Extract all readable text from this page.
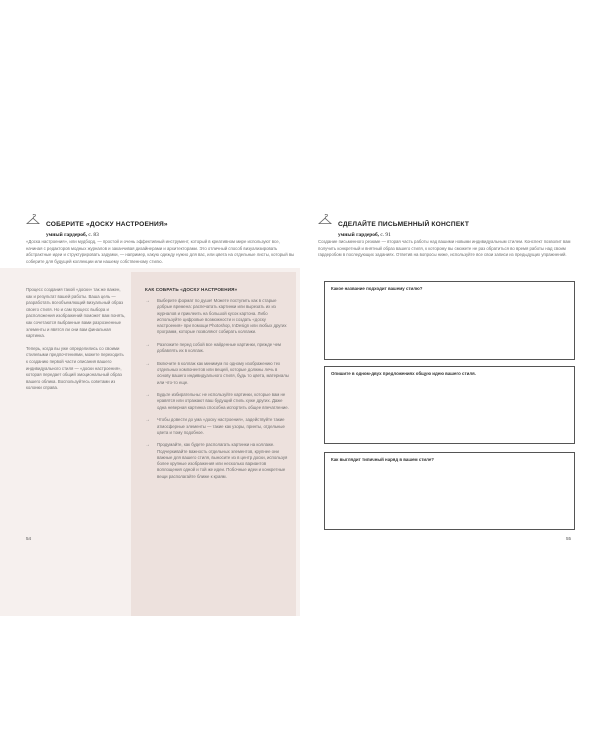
СОБЕРИТЕ «ДОСКУ НАСТРОЕНИЯ»
умный гардероб, с. 83

«Доска настроения», или мудборд, — простой и очень эффективный инструмент, который в креативном мире используют все, начиная с редакторов модных журналов и заканчивая дизайнерами и архитекторами. Это отличный способ визуализировать абстрактные идеи и структурировать задумки, — например, какую одежду нужно для вас, или цвета на отдельные листы, который вы соберите для будущей коллекции или нашему собственному стилю.

СДЕЛАЙТЕ ПИСЬМЕННЫЙ КОНСПЕКТ
умный гардероб, с. 91

Создание письменного резюме — вторая часть работы над вашими новыми индивидуальным стилем. Конспект позволит вам получить конкретный и внятный образ вашего стиля, к которому вы сможете не раз обратиться во время работы над своим гардеробом в последующих заданиях. Ответив на вопросы ниже, используйте все свои записи из предыдущих упражнений.

Процесс создания такой «доски» так же важен, как и результат вашей работы. Ваша цель — разработать всеобъемлющий визуальный образ своего стиля. Но и сам процесс выбора и расположения изображений поможет вам понять, как сочетаются выбранные вами разрозненные элементы и явятся ли они вам финальная картинка.

Теперь, когда вы уже определились со своими стилевыми предпочтениями, можете переходить к созданию первой части описания вашего индивидуального стиля — «доски настроения», которая передает общий эмоциональный образ вашего облика. Воспользуйтесь советами из колонки справа.

КАК СОБРАТЬ «ДОСКУ НАСТРОЕНИЯ»
→	Выберите формат по душе! Можете поступить как в старые добрые времена: распечатать картинки или вырезать их из журналов и приклеить на большой кусок картона. Либо используйте цифровые возможности и создать «доску настроения» при помощи Photoshop, InDesign или любых других программ, которые позволяют собирать коллажи.
→	Разложите перед собой все найденные картинки, прежде чем добавлять их в коллаж.
→	Включите в коллаж как минимум по одному изображению тех отдельных компонентов или вещей, которые должны лечь в основу вашего индивидуального стиля, будь то цвета, материалы или что-то еще.
→	Будьте избирательны: не используйте картинки, которые вам не нравятся или отражают ваш будущий стиль хуже других. Даже одна неверная картинка способна испортить общее впечатление.
→	Чтобы довести до ума «доску настроения», задействуйте такие атмосферные элементы — такие как узоры, принты, отдельные цвета и тому подобное.
→	Продумайте, как будете располагать картинки на коллаже. Подчеркивайте важность отдельных элементов, крупнее они важные для вашего стиля, выносите из в центр доски, используя более крупные изображения или несколько вариантов воплощения одной и той же идеи. Побочные идеи и конкретные вещи располагайте ближе к краям.
Какое название подходит вашему стилю?
Опишите в одном-двух предложениях общую идею вашего стиля.
Как выглядит типичный наряд в вашем стиле?
54	55
